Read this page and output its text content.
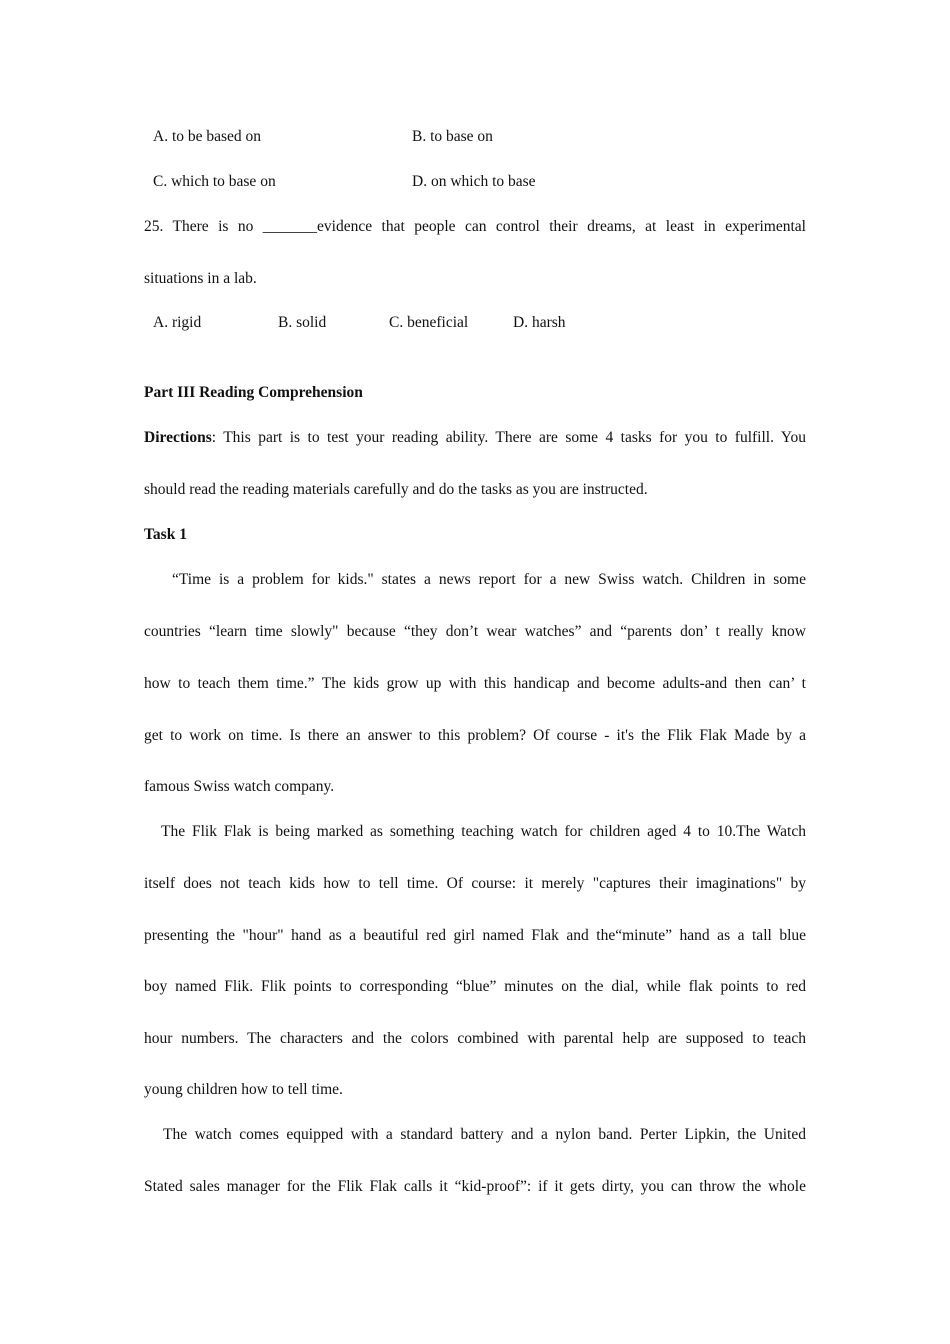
A. to be based on	B. to base on
C. which to base on	D. on which to base
25. There is no _______evidence that people can control their dreams, at least in experimental
situations in a lab.
A. rigid	B. solid	C. beneficial	D. harsh
Part III Reading Comprehension
Directions: This part is to test your reading ability. There are some 4 tasks for you to fulfill. You
should read the reading materials carefully and do the tasks as you are instructed.
Task 1
“Time is a problem for kids." states a news report for a new Swiss watch. Children in some
countries “learn time slowly" because “they don’t wear watches” and “parents don’ t really know
how to teach them time.” The kids grow up with this handicap and become adults-and then can’ t
get to work on time. Is there an answer to this problem? Of course - it's the Flik Flak Made by a
famous Swiss watch company.
The Flik Flak is being marked as something teaching watch for children aged 4 to 10.The Watch
itself does not teach kids how to tell time. Of course: it merely "captures their imaginations" by
presenting the "hour" hand as a beautiful red girl named Flak and the“minute” hand as a tall blue
boy named Flik. Flik points to corresponding “blue” minutes on the dial, while flak points to red
hour numbers. The characters and the colors combined with parental help are supposed to teach
young children how to tell time.
The watch comes equipped with a standard battery and a nylon band. Perter Lipkin, the United
Stated sales manager for the Flik Flak calls it “kid-proof”: if it gets dirty, you can throw the whole
